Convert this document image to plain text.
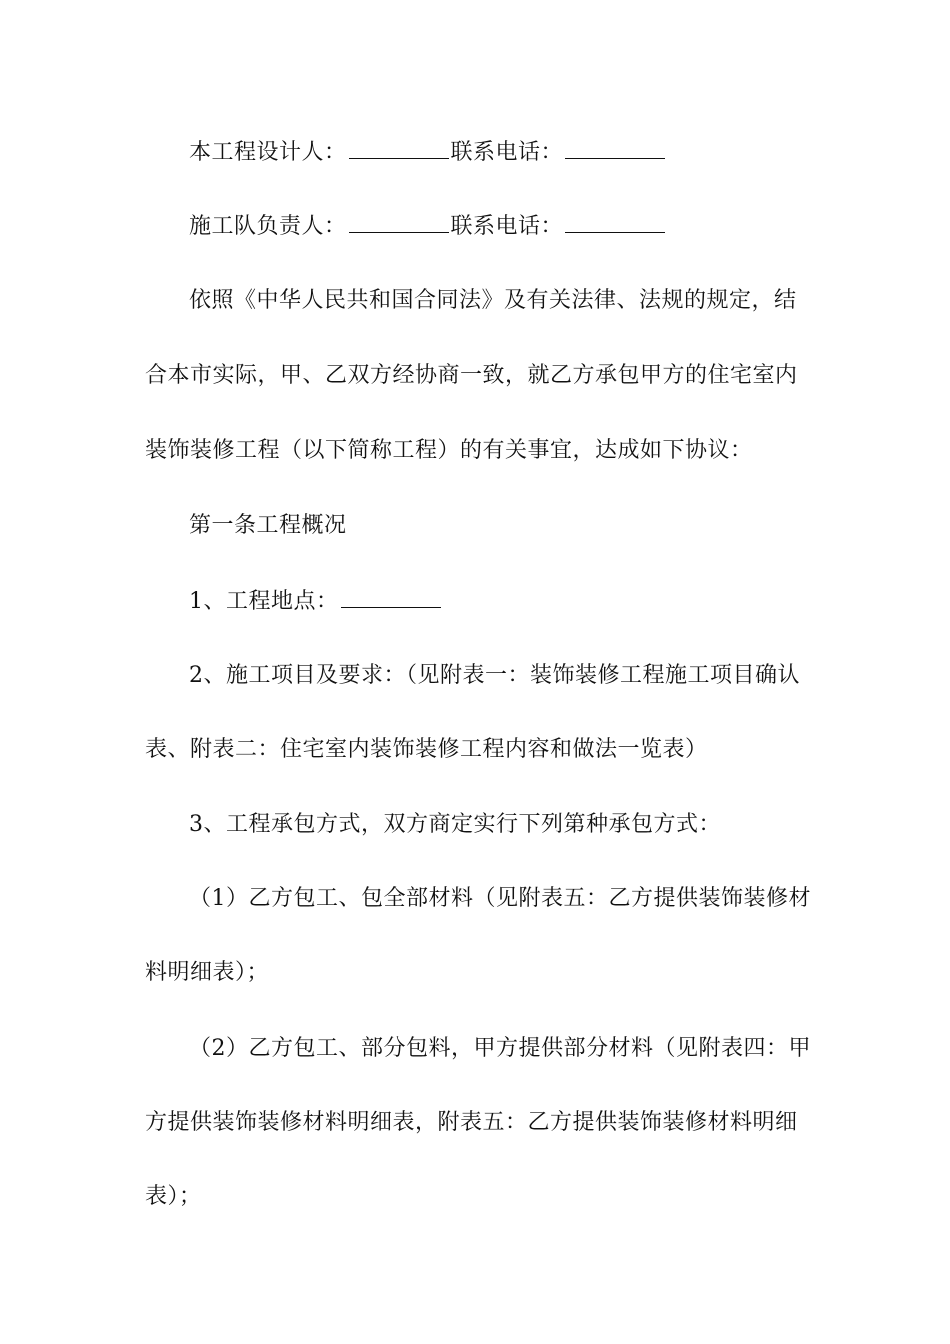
本工程设计人：	联系电话：
施工队负责人：	联系电话：
依照《中华人民共和国合同法》及有关法律、法规的规定，结
合本市实际，甲、乙双方经协商一致，就乙方承包甲方的住宅室内
装饰装修工程（以下简称工程）的有关事宜，达成如下协议：
第一条工程概况
1、工程地点：
2、施工项目及要求：（见附表一：装饰装修工程施工项目确认
表、附表二：住宅室内装饰装修工程内容和做法一览表）
3、工程承包方式，双方商定实行下列第种承包方式：
（1）乙方包工、包全部材料（见附表五：乙方提供装饰装修材
料明细表）；
（2）乙方包工、部分包料，甲方提供部分材料（见附表四：甲
方提供装饰装修材料明细表，附表五：乙方提供装饰装修材料明细
表）；
